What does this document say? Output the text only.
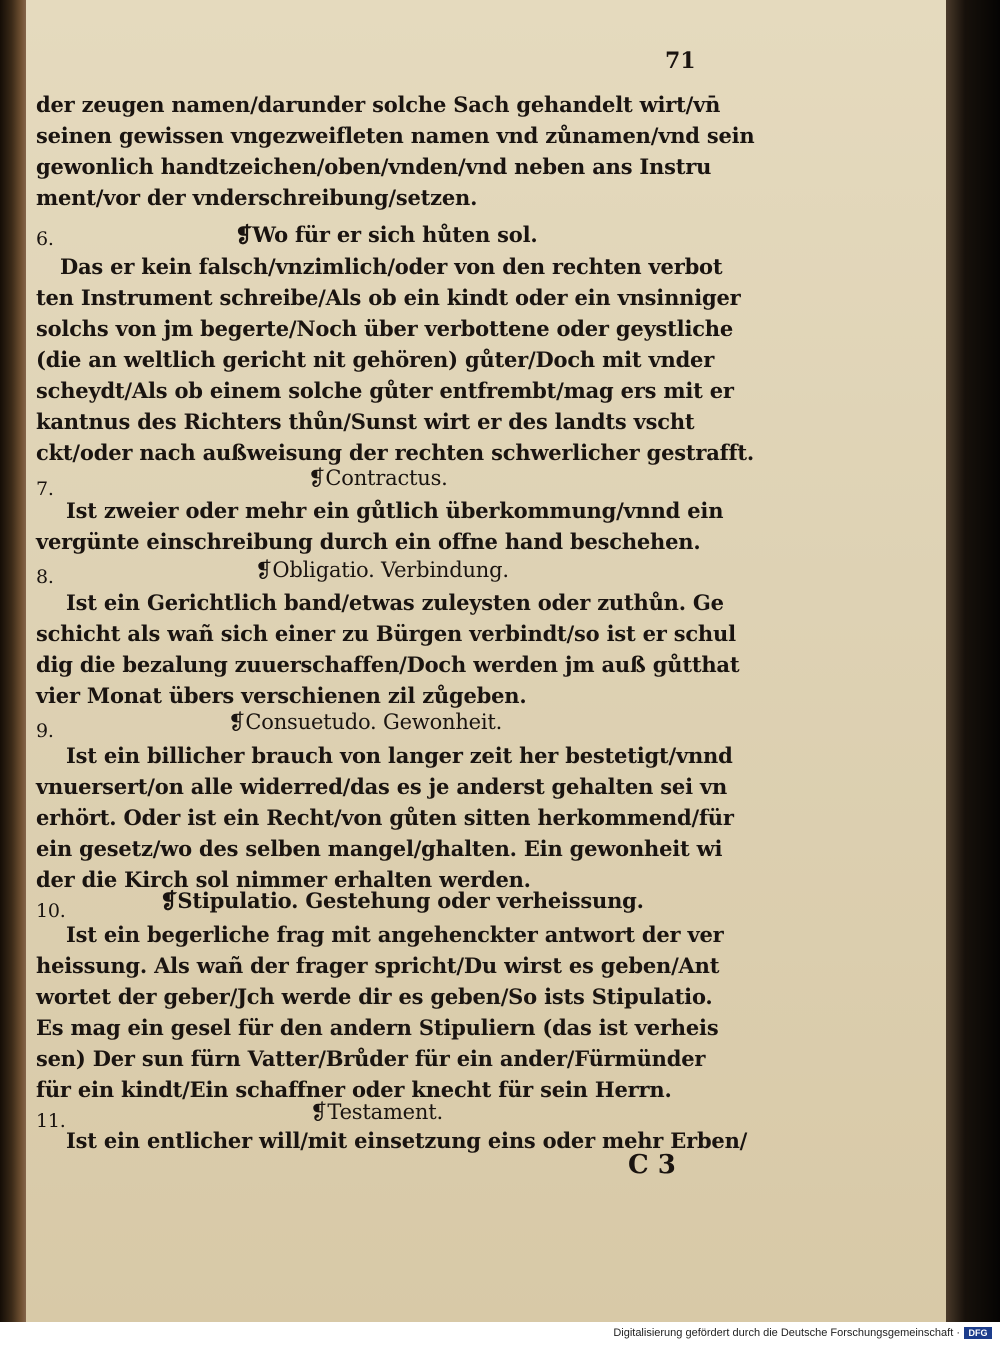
71
der zeugen namen/darunder solche Sach gehandelt wirt/vn̄
seinen gewissen vngezweifleten namen vnd zůnamen/vnd sein
gewonlich handtzeichen/oben/vnden/vnd neben ans Instru
ment/vor der vnderschreibung/setzen.
6.	❡Wo für er sich hůten sol.
Das er kein falsch/vnzimlich/oder von den rechten verbot
ten Instrument schreibe/Als ob ein kindt oder ein vnsinniger
solchs von jm begerte/Noch über verbottene oder geystliche
(die an weltlich gericht nit gehören) gůter/Doch mit vnder
scheydt/Als ob einem solche gůter entfrembt/mag ers mit er
kantnus des Richters thůn/Sunst wirt er des landts vscht
ckt/oder nach außweisung der rechten schwerlicher gestrafft.
7.	❡Contractus.
Ist zweier oder mehr ein gůtlich überkommung/vnnd ein
vergünte einschreibung durch ein offne hand beschehen.
8.	❡Obligatio. Verbindung.
Ist ein Gerichtlich band/etwas zuleysten oder zuthůn. Ge
schicht als wañ sich einer zu Bürgen verbindt/so ist er schul
dig die bezalung zuuerschaffen/Doch werden jm auß gůtthat
vier Monat übers verschienen zil zůgeben.
9.	❡Consuetudo. Gewonheit.
Ist ein billicher brauch von langer zeit her bestetigt/vnnd
vnuersert/on alle widerred/das es je anderst gehalten sei vn
erhört. Oder ist ein Recht/von gůten sitten herkommend/für
ein gesetz/wo des selben mangel/ghalten. Ein gewonheit wi
der die Kirch sol nimmer erhalten werden.
10.	❡Stipulatio. Gestehung oder verheissung.
Ist ein begerliche frag mit angehenckter antwort der ver
heissung. Als wañ der frager spricht/Du wirst es geben/Ant
wortet der geber/Jch werde dir es geben/So ists Stipulatio.
Es mag ein gesel für den andern Stipuliern (das ist verheis
sen) Der sun fürn Vatter/Brůder für ein ander/Fürmünder
für ein kindt/Ein schaffner oder knecht für sein Herrn.
11.	❡Testament.
Ist ein entlicher will/mit einsetzung eins oder mehr Erben/
C 3
Digitalisierung gefördert durch die Deutsche Forschungsgemeinschaft · DFG
